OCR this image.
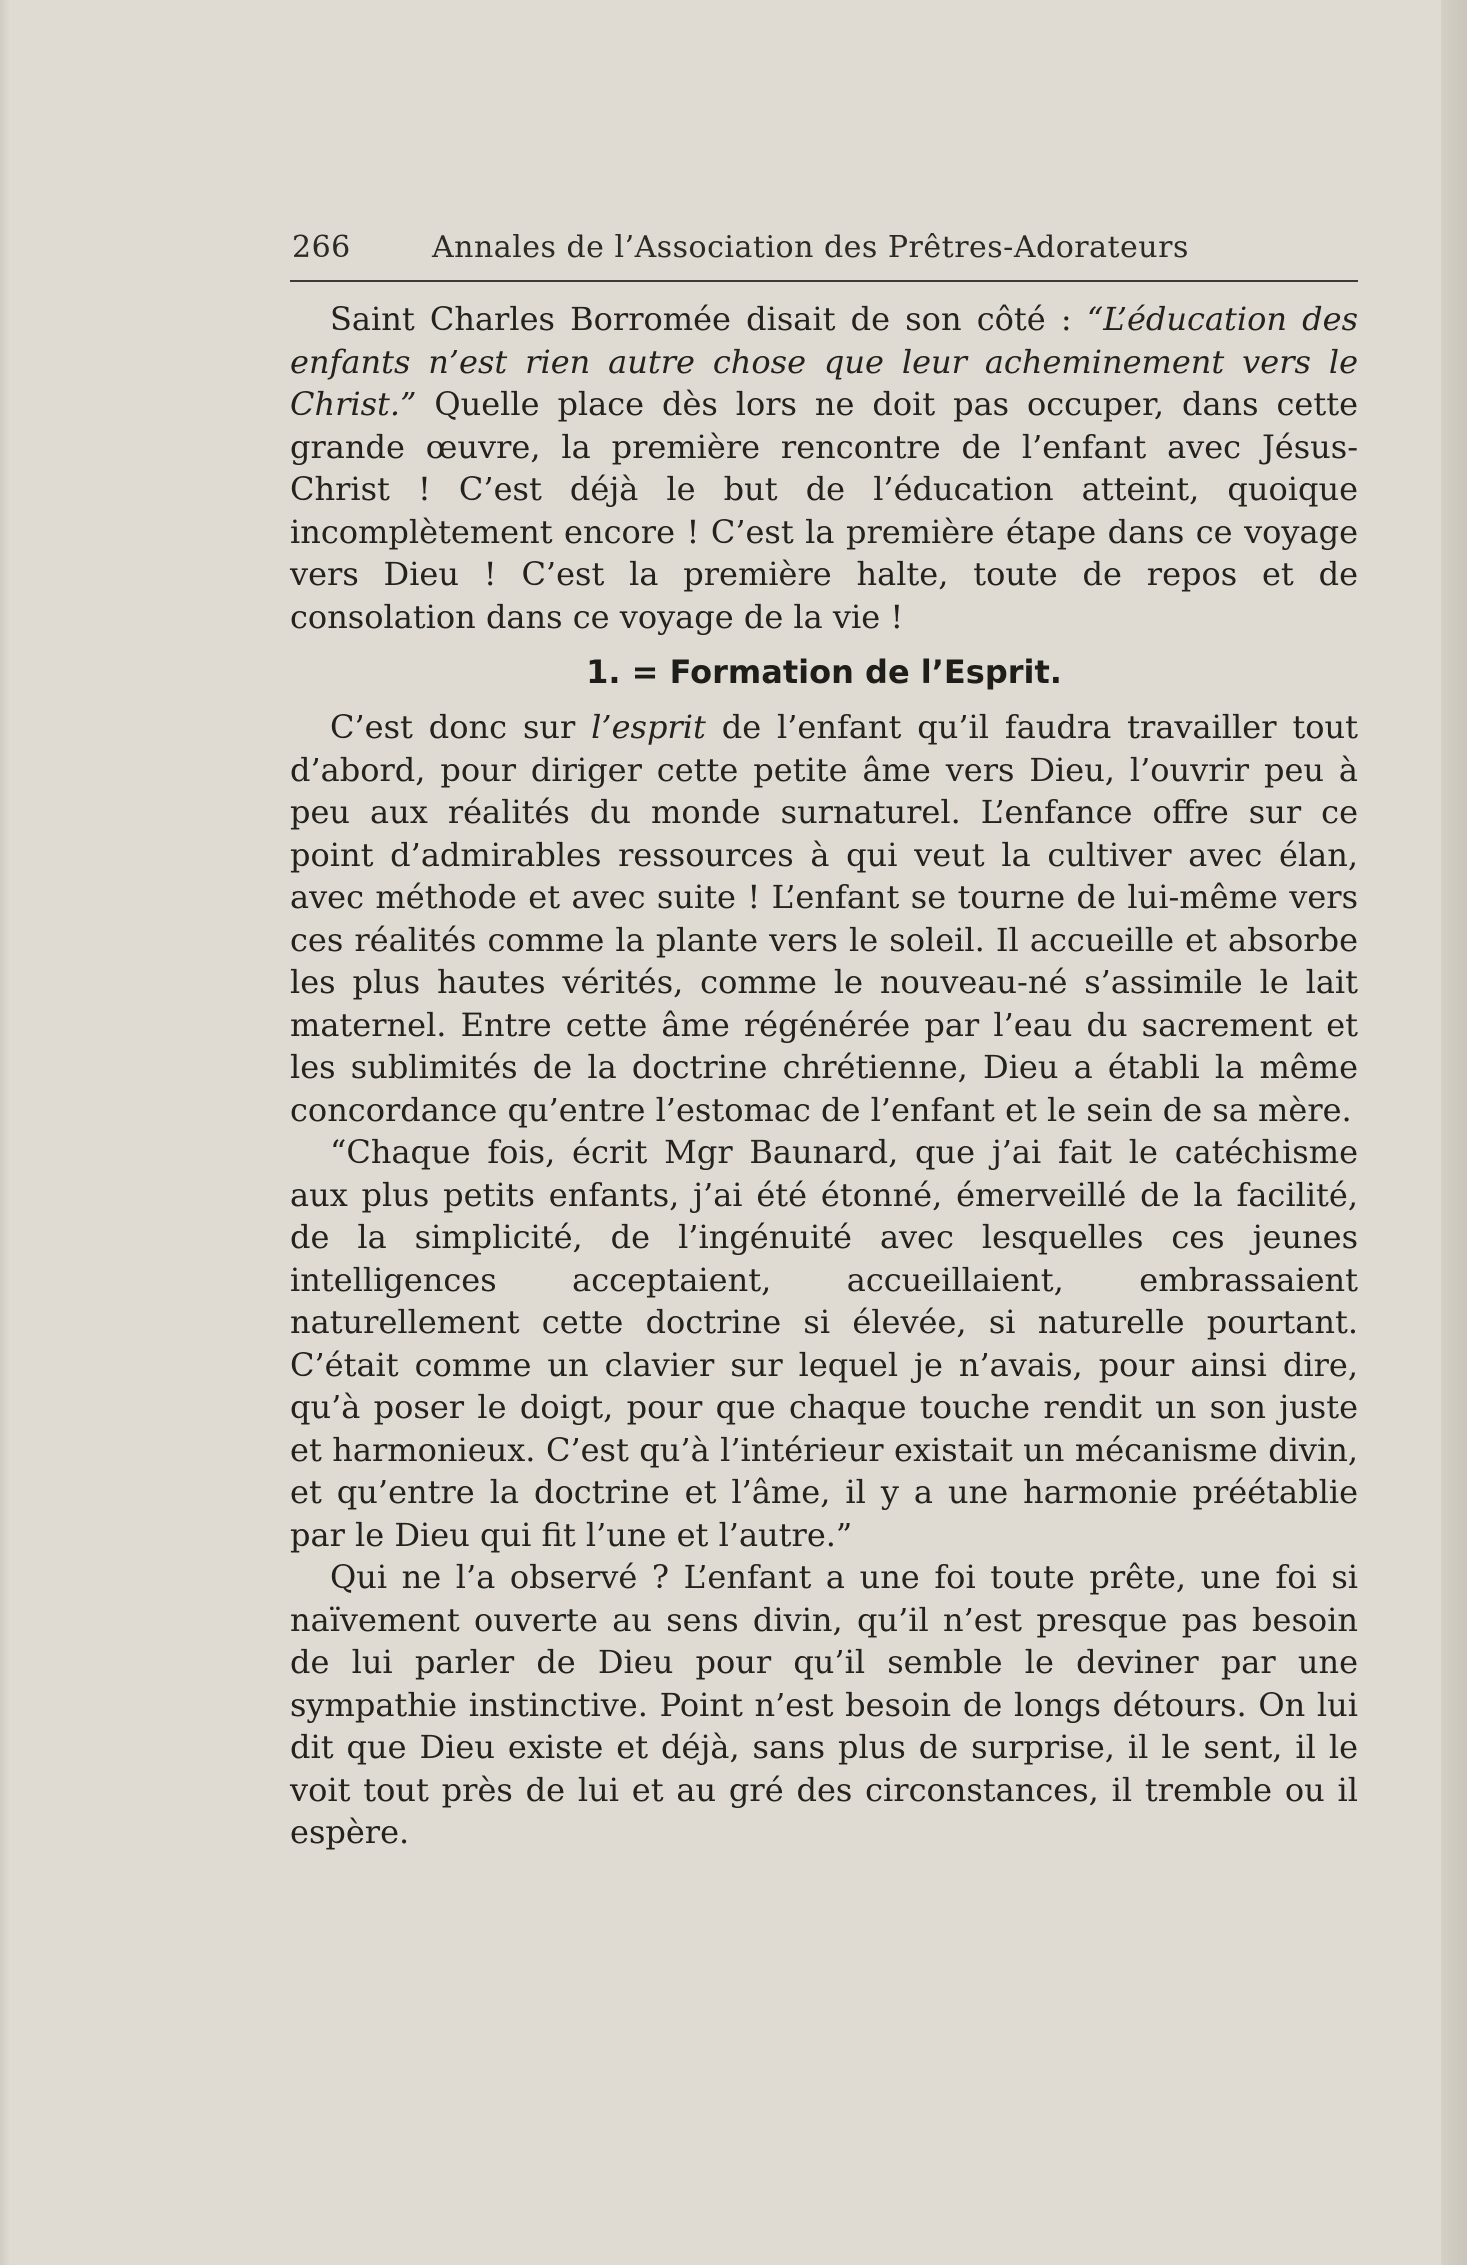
266	Annales de l’Association des Prêtres-Adorateurs

Saint Charles Borromée disait de son côté : “L’éducation des enfants n’est rien autre chose que leur acheminement vers le Christ.” Quelle place dès lors ne doit pas occuper, dans cette grande œuvre, la première rencontre de l’enfant avec Jésus-Christ ! C’est déjà le but de l’éducation atteint, quoique incomplètement encore ! C’est la première étape dans ce voyage vers Dieu ! C’est la première halte, toute de repos et de consolation dans ce voyage de la vie !

1. = Formation de l’Esprit.

C’est donc sur l’esprit de l’enfant qu’il faudra travailler tout d’abord, pour diriger cette petite âme vers Dieu, l’ouvrir peu à peu aux réalités du monde surnaturel. L’enfance offre sur ce point d’admirables ressources à qui veut la cultiver avec élan, avec méthode et avec suite ! L’enfant se tourne de lui-même vers ces réalités comme la plante vers le soleil. Il accueille et absorbe les plus hautes vérités, comme le nouveau-né s’assimile le lait maternel. Entre cette âme régénérée par l’eau du sacrement et les sublimités de la doctrine chrétienne, Dieu a établi la même concordance qu’entre l’estomac de l’enfant et le sein de sa mère.

“Chaque fois, écrit Mgr Baunard, que j’ai fait le catéchisme aux plus petits enfants, j’ai été étonné, émerveillé de la facilité, de la simplicité, de l’ingénuité avec lesquelles ces jeunes intelligences acceptaient, accueillaient, embrassaient naturellement cette doctrine si élevée, si naturelle pourtant. C’était comme un clavier sur lequel je n’avais, pour ainsi dire, qu’à poser le doigt, pour que chaque touche rendit un son juste et harmonieux. C’est qu’à l’intérieur existait un mécanisme divin, et qu’entre la doctrine et l’âme, il y a une harmonie préétablie par le Dieu qui fit l’une et l’autre.”

Qui ne l’a observé ? L’enfant a une foi toute prête, une foi si naïvement ouverte au sens divin, qu’il n’est presque pas besoin de lui parler de Dieu pour qu’il semble le deviner par une sympathie instinctive. Point n’est besoin de longs détours. On lui dit que Dieu existe et déjà, sans plus de surprise, il le sent, il le voit tout près de lui et au gré des circonstances, il tremble ou il espère.
